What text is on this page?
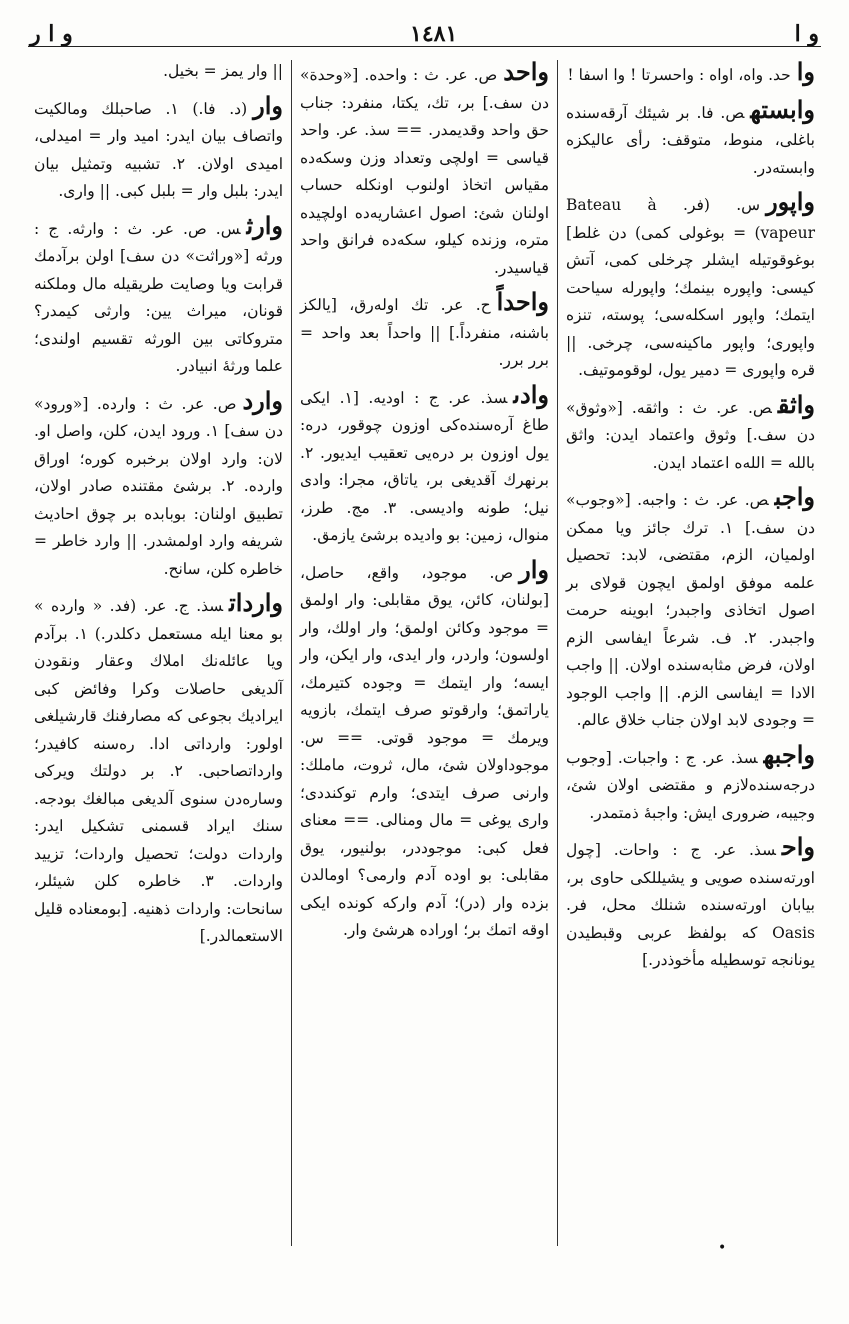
و ا
١٤٨١
و ا ر
واحد. واه، اواه : واحسرتا ! وا اسفا !
وابستهص. فا. بر شيئك آرقه‌سنده باغلى، منوط، متوقف: رأى عاليكزه وابسته‌در.
واپورس. (فر. Bateau à vapeur) = بوغولى كمى) دن غلط] بوغوقوتيله ايشلر چرخلى كمى، آتش كيسى: واپوره بينمك؛ واپورله سياحت ايتمك؛ واپور اسكله‌سى؛ پوسته، تنزه واپورى؛ واپور ماكينه‌سى، چرخى. || قره واپورى = دمير يول، لوقوموتيف.
واثقص. عر. ث : واثقه. [«وثوق» دن سف.] وثوق واعتماد ايدن: واثق بالله = الله‌ه اعتماد ايدن.
واجبص. عر. ث : واجبه. [«وجوب» دن سف.] ١. ترك جائز ويا ممكن اولميان، الزم، مقتضى، لابد: تحصيل علمه موفق اولمق ايچون قولاى بر اصول اتخاذى واجبدر؛ ابوينه حرمت واجبدر. ٢. ف. شرعاً ايفاسى الزم اولان، فرض مثابه‌سنده اولان. || واجب الادا = ايفاسى الزم. || واجب الوجود = وجودى لابد اولان جناب خلاق عالم.
واجبهسذ. عر. ج : واجبات. [وجوب درجه‌سنده‌لازم و مقتضى اولان شئ، وجيبه، ضرورى ايش: واجبهٔ ذمتمدر.
واحسذ. عر. ج : واحات. [چول اورته‌سنده صويى و يشيللكى حاوى بر، بيابان اورته‌سنده شنلك محل، فر. Oasis كه بولفظ عربى وقبطيدن يونانجه توسطيله مأخوذدر.]
واحدص. عر. ث : واحده. [«وحدة» دن سف.] بر، تك، يكتا، منفرد: جناب حق واحد وقديمدر. == سذ. عر. واحد قياسى = اولچى وتعداد وزن وسكه‌ده مقياس اتخاذ اولنوب اونكله حساب اولنان شئ: اصول اعشاريه‌ده اولچيده متره، وزنده كيلو، سكه‌ده فرانق واحد قياسيدر.
واحداًح. عر. تك اوله‌رق، [يالكز باشنه، منفرداً.] || واحداً بعد واحد = برر برر.
وادىسذ. عر. ج : اوديه. [١. ايكى طاغ آره‌سنده‌كى اوزون چوقور، دره: يول اوزون بر دره‌يى تعقيب ايديور. ٢. برنهرك آقديغى بر، ياتاق، مجرا: وادى نيل؛ طونه واديسى. ٣. مج. طرز، منوال، زمين: بو واديده برشئ يازمق.
وارص. موجود، واقع، حاصل، [بولنان، كائن، يوق مقابلى: وار اولمق = موجود وكائن اولمق؛ وار اولك، وار اولسون؛ واردر، وار ايدى، وار ايكن، وار ايسه؛ وار ايتمك = وجوده كتيرمك، ياراتمق؛ وارقوتو صرف ايتمك، بازويه ويرمك = موجود قوتى. == س. موجوداولان شئ، مال، ثروت، ماملك: وارنى صرف ايتدى؛ وارم توكنددى؛ وارى يوغى = مال ومنالى. == معناى فعل كبى: موجوددر، بولنيور، يوق مقابلى: بو اوده آدم وارمى؟ اومالدن بزده وار (در)؛ آدم واركه كونده ايكى اوقه اتمك بر؛ اوراده هرشئ وار.
|| وار يمز = بخيل.
وار(د. فا.) ١. صاحبلك ومالكيت واتصاف بيان ايدر: اميد وار = اميدلى، اميدى اولان. ٢. تشبيه وتمثيل بيان ايدر: بلبل وار = بلبل كبى. || وارى.
وارثس. ص. عر. ث : وارثه. ج : ورثه [«وراثت» دن سف] اولن برآدمك قرابت ويا وصايت طريقيله مال وملكنه قونان، ميراث يين: وارثى كيمدر؟ متروكاتى بين الورثه تقسيم اولندى؛ علما ورثهٔ انبيادر.
واردص. عر. ث : وارده. [«ورود» دن سف] ١. ورود ايدن، كلن، واصل او. لان: وارد اولان برخبره كوره؛ اوراق وارده. ٢. برشئ مقتنده صادر اولان، تطبيق اولنان: بوبابده بر چوق احاديث شريفه وارد اولمشدر. || وارد خاطر = خاطره كلن، سانح.
وارداتسذ. ج. عر. (فد. « وارده » بو معنا ايله مستعمل دكلدر.) ١. برآدم ويا عائله‌نك املاك وعقار ونقودن آلديغى حاصلات وكرا وفائض كبى ايراديك بجوعى كه مصارفنك قارشيلغى اولور: وارداتى ادا. ره‌سنه كافيدر؛ وارداتصاحبى. ٢. بر دولتك ويركى وساره‌دن سنوى آلديغى مبالغك بودجه. سنك ايراد قسمنى تشكيل ايدر: واردات دولت؛ تحصيل واردات؛ تزييد واردات. ٣. خاطره كلن شيئلر، سانحات: واردات ذهنيه. [بومعناده قليل الاستعمالدر.]
•
